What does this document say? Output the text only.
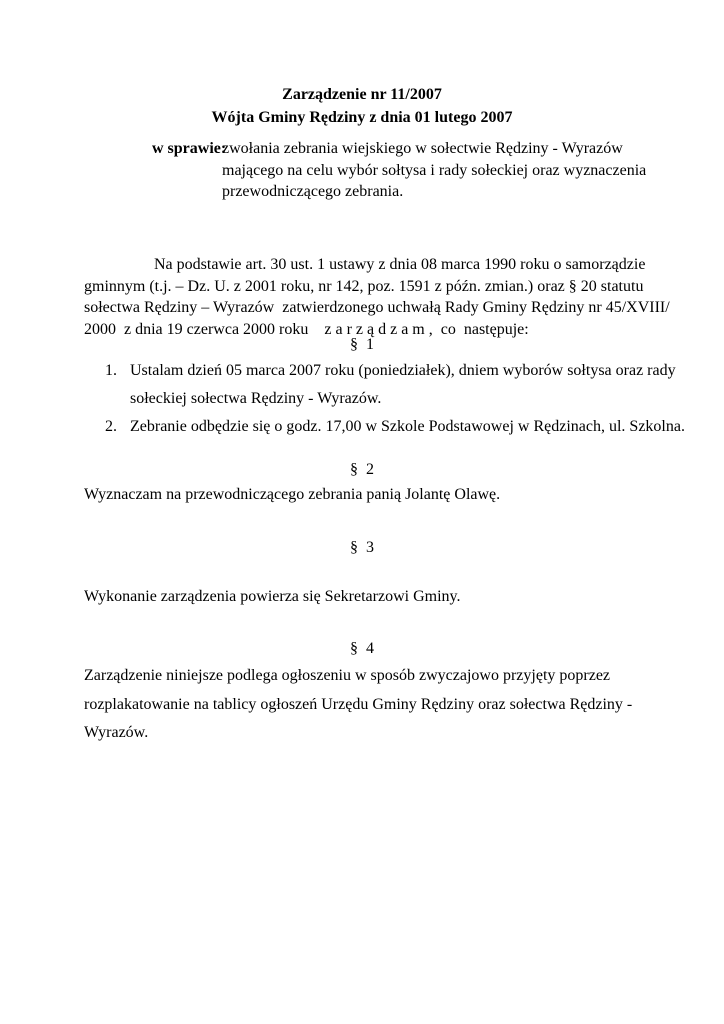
Zarządzenie nr 11/2007
Wójta Gminy Rędziny z dnia 01 lutego 2007
w sprawie:
zwołania zebrania wiejskiego w sołectwie Rędziny - Wyrazów
mającego na celu wybór sołtysa i rady sołeckiej oraz wyznaczenia
przewodniczącego zebrania.
Na podstawie art. 30 ust. 1 ustawy z dnia 08 marca 1990 roku o samorządzie
gminnym (t.j. – Dz. U. z 2001 roku, nr 142, poz. 1591 z późn. zmian.) oraz § 20 statutu
sołectwa Rędziny – Wyrazów  zatwierdzonego uchwałą Rady Gminy Rędziny nr 45/XVIII/
2000  z dnia 19 czerwca 2000 roku    z a r z ą d z a m ,  co  następuje:
§  1
1. Ustalam dzień 05 marca 2007 roku (poniedziałek), dniem wyborów sołtysa oraz rady
sołeckiej sołectwa Rędziny - Wyrazów.
2. Zebranie odbędzie się o godz. 17,00 w Szkole Podstawowej w Rędzinach, ul. Szkolna.
§  2
Wyznaczam na przewodniczącego zebrania panią Jolantę Olawę.
§  3
Wykonanie zarządzenia powierza się Sekretarzowi Gminy.
§  4
Zarządzenie niniejsze podlega ogłoszeniu w sposób zwyczajowo przyjęty poprzez
rozplakatowanie na tablicy ogłoszeń Urzędu Gminy Rędziny oraz sołectwa Rędziny -
Wyrazów.
